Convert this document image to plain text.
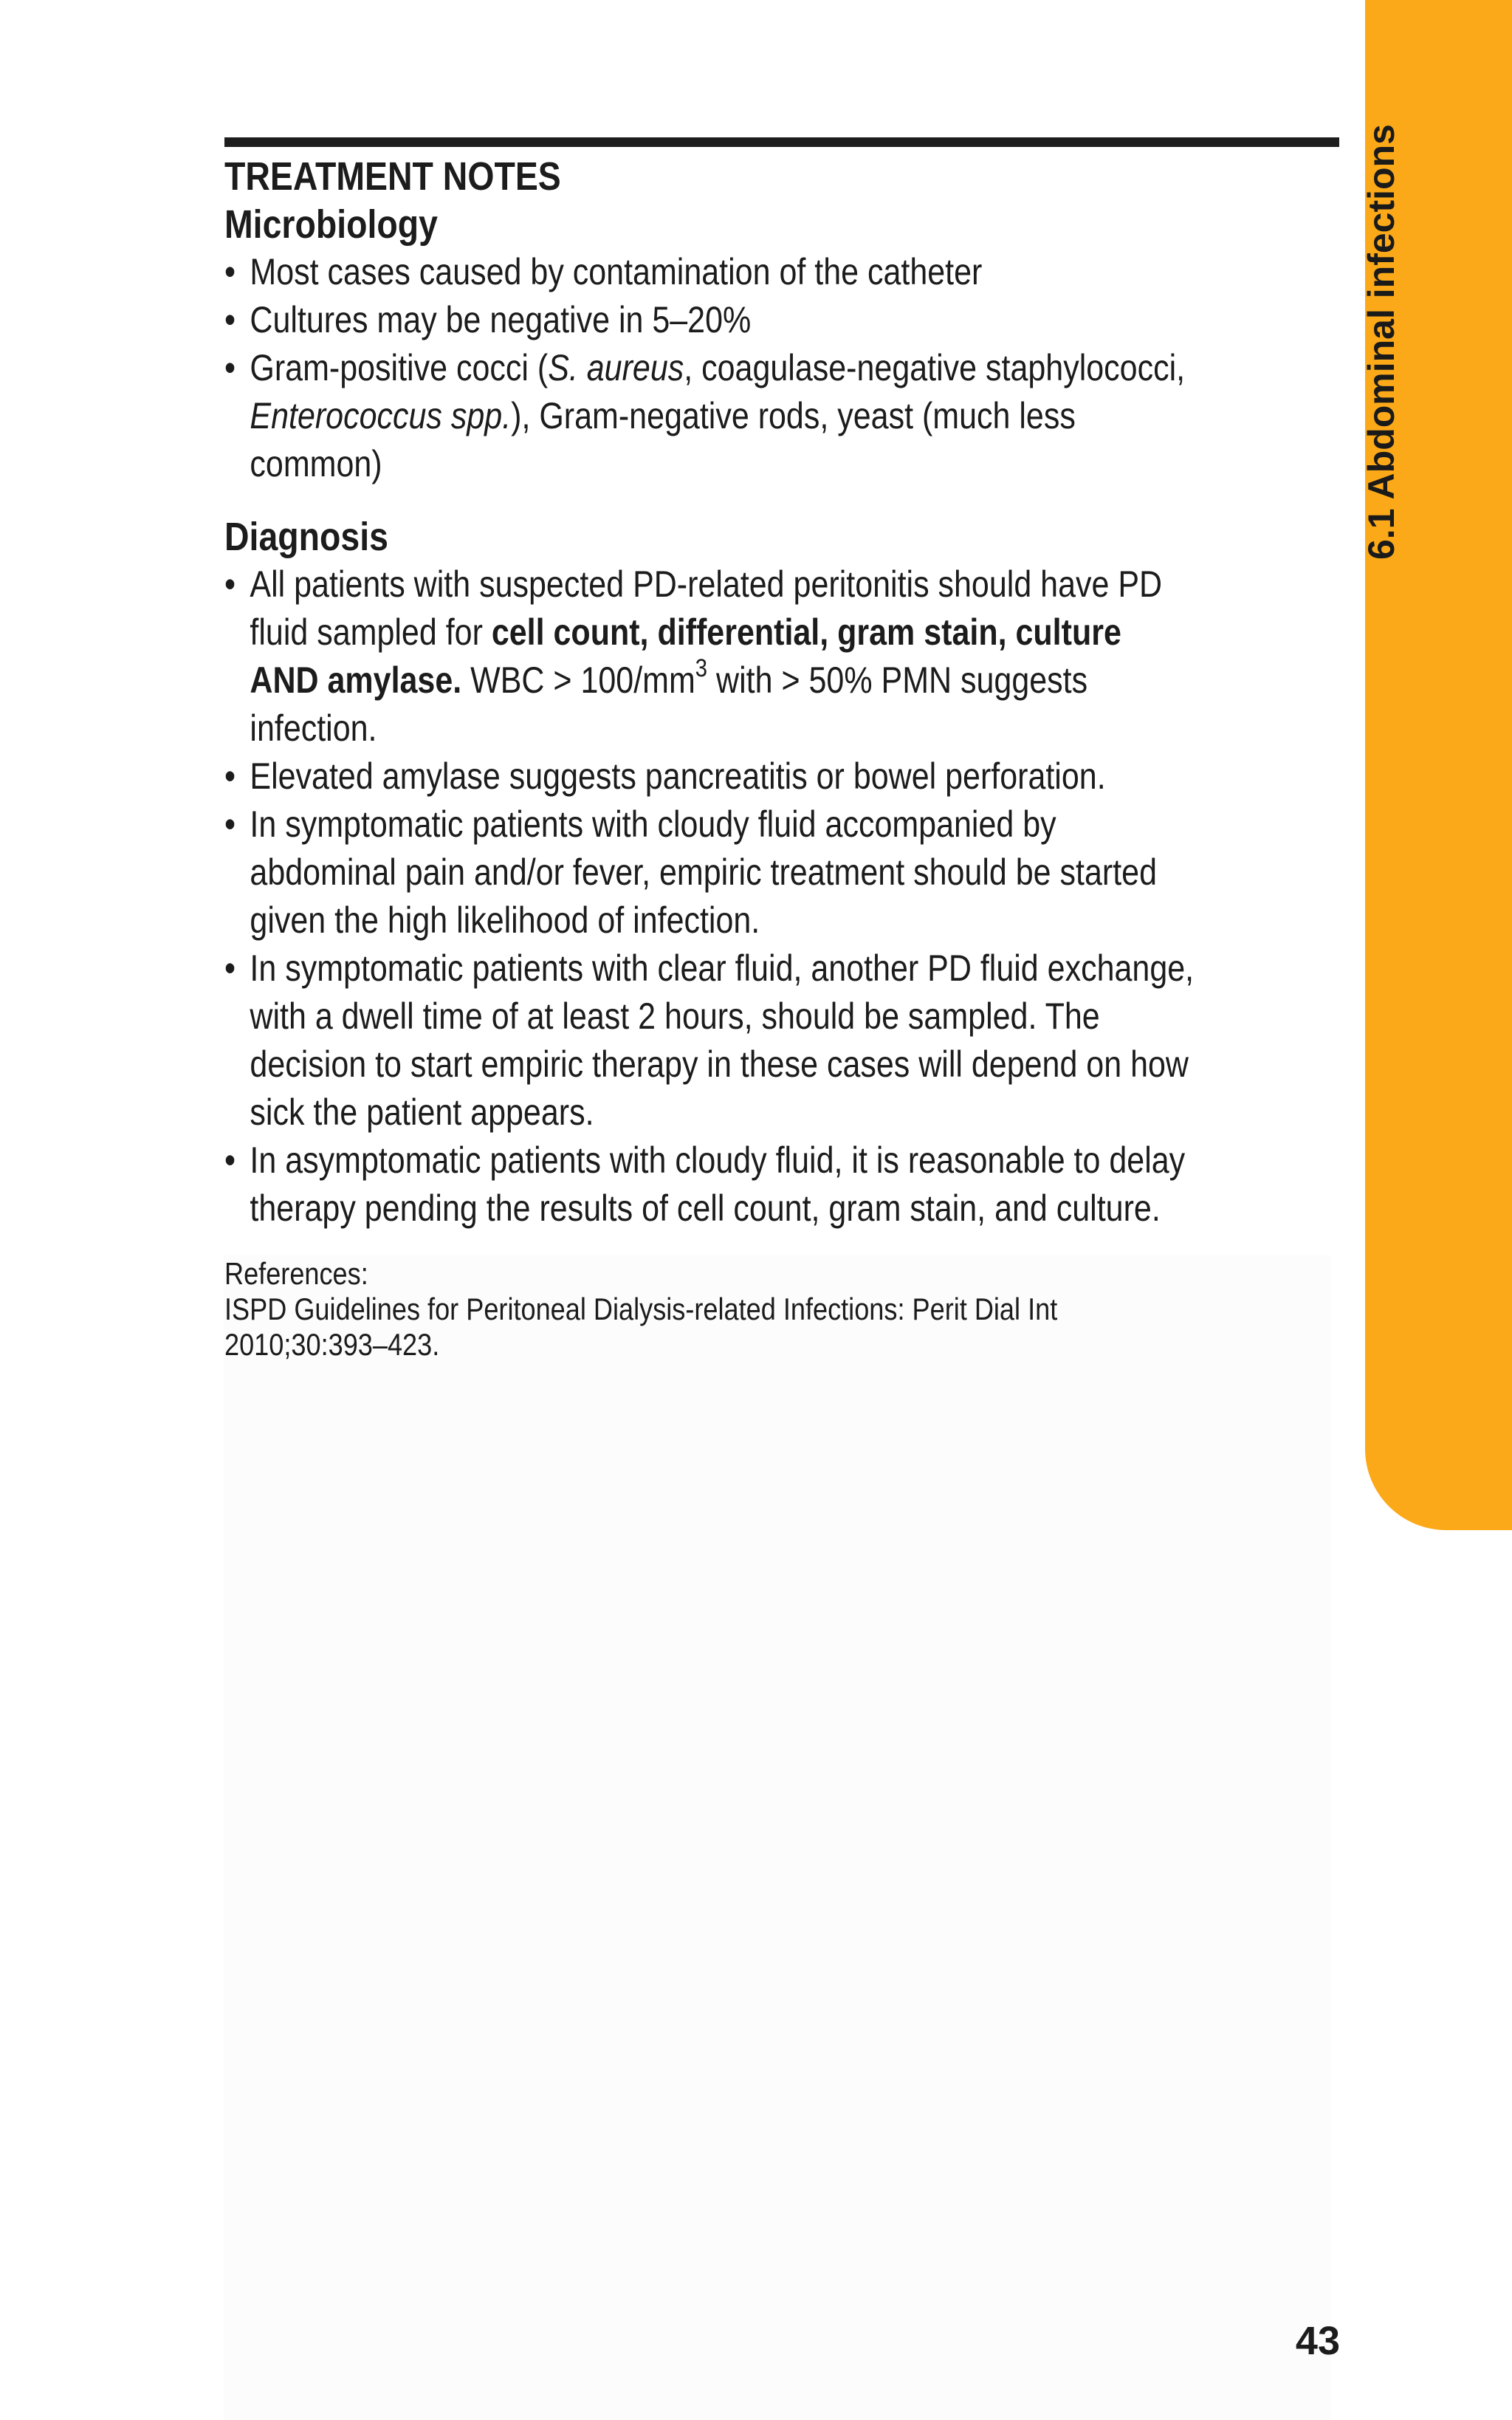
6.1 Abdominal infections
TREATMENT NOTES
Microbiology
• Most cases caused by contamination of the catheter
• Cultures may be negative in 5–20%
• Gram-positive cocci (S. aureus, coagulase-negative staphylococci,
Enterococcus spp.), Gram-negative rods, yeast (much less common)
Diagnosis
• All patients with suspected PD-related peritonitis should have PD fluid sampled for cell count, differential, gram stain, culture AND amylase. WBC > $100/mm^3$ with > 50% PMN suggests infection.
• Elevated amylase suggests pancreatitis or bowel perforation.
• In symptomatic patients with cloudy fluid accompanied by abdominal pain and/or fever, empiric treatment should be started given the high likelihood of infection.
• In symptomatic patients with clear fluid, another PD fluid exchange, with a dwell time of at least 2 hours, should be sampled. The decision to start empiric therapy in these cases will depend on how sick the patient appears.
• In asymptomatic patients with cloudy fluid, it is reasonable to delay therapy pending the results of cell count, gram stain, and culture.
References:
ISPD Guidelines for Peritoneal Dialysis-related Infections: Perit Dial Int 2010;30:393–423.
43
